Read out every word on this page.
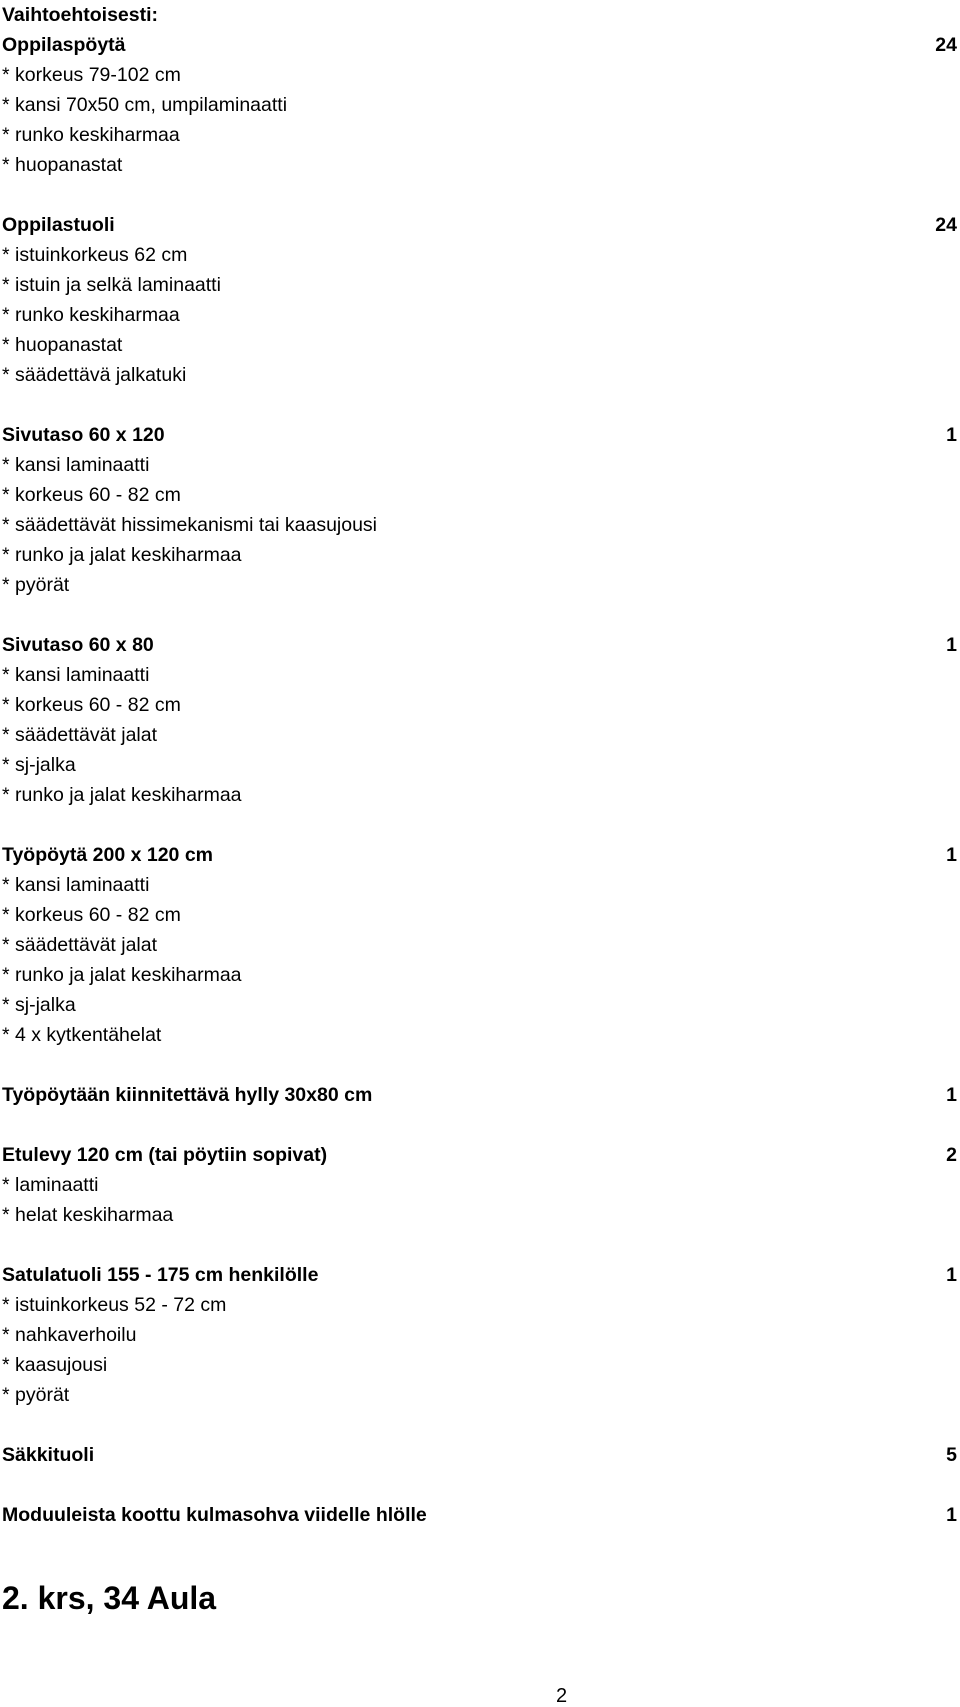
Vaihtoehtoisesti:
Oppilaspöytä	24
* korkeus 79-102 cm
* kansi 70x50 cm, umpilaminaatti
* runko keskiharmaa
* huopanastat
Oppilastuoli	24
* istuinkorkeus 62 cm
* istuin ja selkä laminaatti
* runko keskiharmaa
* huopanastat
* säädettävä jalkatuki
Sivutaso 60 x 120	1
* kansi laminaatti
* korkeus 60 - 82 cm
* säädettävät hissimekanismi tai kaasujousi
* runko ja jalat keskiharmaa
* pyörät
Sivutaso 60 x 80	1
* kansi laminaatti
* korkeus 60 - 82 cm
* säädettävät jalat
* sj-jalka
* runko ja jalat keskiharmaa
Työpöytä 200 x 120 cm	1
* kansi laminaatti
* korkeus 60 - 82 cm
* säädettävät jalat
* runko ja jalat keskiharmaa
* sj-jalka
* 4 x kytkentähelat
Työpöytään kiinnitettävä hylly 30x80 cm	1
Etulevy 120 cm (tai pöytiin sopivat)	2
* laminaatti
* helat keskiharmaa
Satulatuoli 155 - 175 cm henkilölle	1
* istuinkorkeus 52 - 72 cm
* nahkaverhoilu
* kaasujousi
* pyörät
Säkkituoli	5
Moduuleista koottu kulmasohva viidelle hlölle	1
2. krs, 34 Aula
2
